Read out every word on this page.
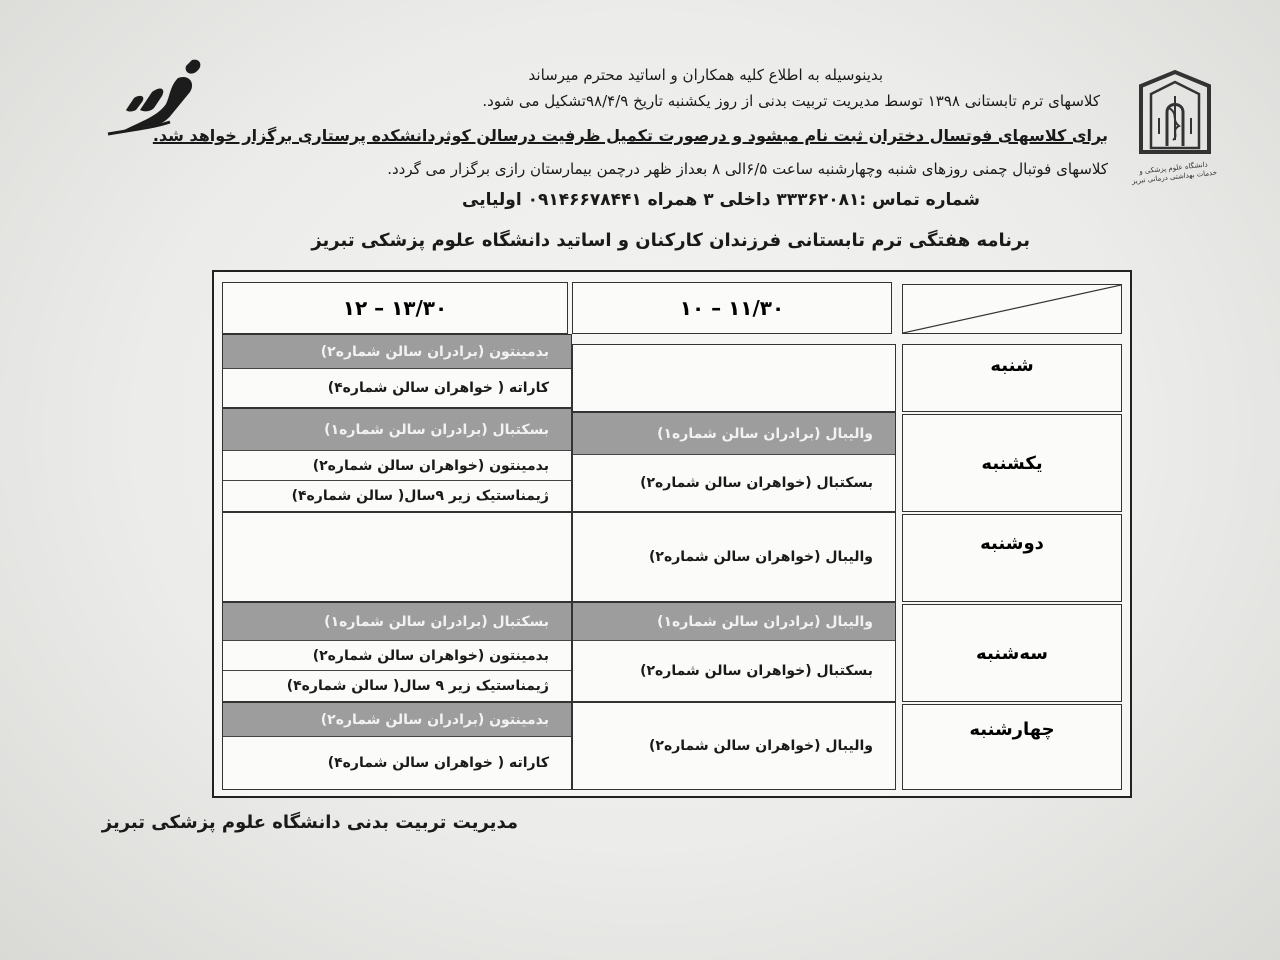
دانشگاه علوم پزشکی و خدمات بهداشتی درمانی تبریز
بدینوسیله به اطلاع کلیه همکاران و اساتید محترم میرساند
کلاسهای ترم تابستانی ۱۳۹۸ توسط مدیریت تربیت بدنی از روز یکشنبه تاریخ ۹۸/۴/۹تشکیل می شود.
برای کلاسهای فوتسال دختران ثبت نام میشود و درصورت تکمیل ظرفیت درسالن کوثردانشکده پرستاری برگزار خواهد شد.
کلاسهای فوتبال چمنی روزهای شنبه وچهارشنبه ساعت ۶/۵الی ۸ بعداز ظهر درچمن بیمارستان رازی برگزار می گردد.
شماره تماس :۳۳۳۶۲۰۸۱ داخلی ۳ همراه ۰۹۱۴۶۶۷۸۴۴۱ اولیایی
برنامه هفتگی ترم تابستانی فرزندان کارکنان و اساتید دانشگاه علوم پزشکی تبریز
۱۰ – ۱۱/۳۰
۱۲ – ۱۳/۳۰
شنبه
یکشنبه
دوشنبه
سه‌شنبه
چهارشنبه
والیبال (برادران سالن شماره۱)
بسکتبال (خواهران سالن شماره۲)
والیبال (خواهران سالن شماره۲)
والیبال (برادران سالن شماره۱)
بسکتبال (خواهران سالن شماره۲)
والیبال (خواهران سالن شماره۲)
بدمینتون (برادران سالن شماره۲)
کاراته ( خواهران سالن شماره۴)
بسکتبال (برادران سالن شماره۱)
بدمینتون (خواهران سالن شماره۲)
ژیمناستیک زیر ۹سال( سالن شماره۴)
بسکتبال (برادران سالن شماره۱)
بدمینتون (خواهران سالن شماره۲)
ژیمناستیک زیر ۹ سال( سالن شماره۴)
بدمینتون (برادران سالن شماره۲)
کاراته ( خواهران سالن شماره۴)
مدیریت تربیت بدنی دانشگاه علوم پزشکی تبریز
